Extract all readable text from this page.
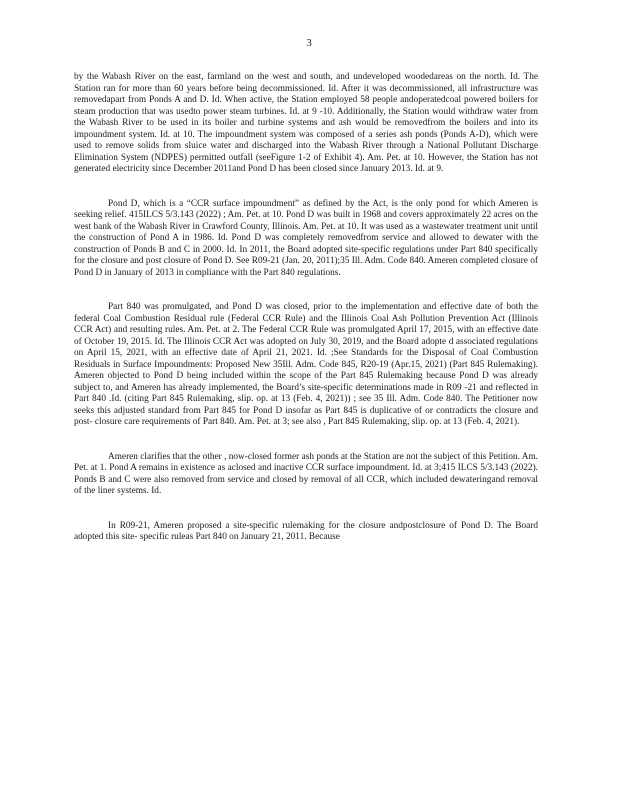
3

by the Wabash River on the east, farmland on the west and south, and undeveloped woodedareas on the north. Id. The Station ran for more than 60 years before being decommissioned. Id. After it was decommissioned, all infrastructure was removedapart from Ponds A and D. Id. When active, the Station employed 58 people andoperatedcoal powered boilers for steam production that was usedto power steam turbines. Id. at 9 -10. Additionally, the Station would withdraw water from the Wabash River to be used in its boiler and turbine systems and ash would be removedfrom the boilers and into its impoundment system. Id. at 10. The impoundment system was composed of a series ash ponds (Ponds A-D), which were used to remove solids from sluice water and discharged into the Wabash River through a National Pollutant Discharge Elimination System (NDPES) permitted outfall (seeFigure 1-2 of Exhibit 4). Am. Pet. at 10. However, the Station has not generated electricity since December 2011and Pond D has been closed since January 2013. Id. at 9.

Pond D, which is a “CCR surface impoundment” as defined by the Act, is the only pond for which Ameren is seeking relief. 415ILCS 5/3.143 (2022) ; Am. Pet. at 10. Pond D was built in 1968 and covers approximately 22 acres on the west bank of the Wabash River in Crawford County, Illinois. Am. Pet. at 10. It was used as a wastewater treatment unit until the construction of Pond A in 1986. Id. Pond D was completely removedfrom service and allowed to dewater with the construction of Ponds B and C in 2000. Id. In 2011, the Board adopted site-specific regulations under Part 840 specifically for the closure and post closure of Pond D. See R09-21 (Jan. 20, 2011);35 Ill. Adm. Code 840. Ameren completed closure of Pond D in January of 2013 in compliance with the Part 840 regulations.

Part 840 was promulgated, and Pond D was closed, prior to the implementation and effective date of both the federal Coal Combustion Residual rule (Federal CCR Rule) and the Illinois Coal Ash Pollution Prevention Act (Illinois CCR Act) and resulting rules. Am. Pet. at 2. The Federal CCR Rule was promulgated April 17, 2015, with an effective date of October 19, 2015. Id. The Illinois CCR Act was adopted on July 30, 2019, and the Board adopte d associated regulations on April 15, 2021, with an effective date of April 21, 2021. Id. ;See Standards for the Disposal of Coal Combustion Residuals in Surface Impoundments: Proposed New 35Ill. Adm. Code 845, R20-19 (Apr.15, 2021) (Part 845 Rulemaking). Ameren objected to Pond D being included within the scope of the Part 845 Rulemaking because Pond D was already subject to, and Ameren has already implemented, the Board’s site-specific determinations made in R09 -21 and reflected in Part 840 .Id. (citing Part 845 Rulemaking, slip. op. at 13 (Feb. 4, 2021)) ; see 35 Ill. Adm. Code 840. The Petitioner now seeks this adjusted standard from Part 845 for Pond D insofar as Part 845 is duplicative of or contradicts the closure and post- closure care requirements of Part 840. Am. Pet. at 3; see also , Part 845 Rulemaking, slip. op. at 13 (Feb. 4, 2021).

Ameren clarifies that the other , now-closed former ash ponds at the Station are not the subject of this Petition. Am. Pet. at 1. Pond A remains in existence as aclosed and inactive CCR surface impoundment. Id. at 3;415 ILCS 5/3.143 (2022). Ponds B and C were also removed from service and closed by removal of all CCR, which included dewateringand removal of the liner systems. Id.

In R09-21, Ameren proposed a site-specific rulemaking for the closure andpostclosure of Pond D. The Board adopted this site- specific ruleas Part 840 on January 21, 2011. Because
